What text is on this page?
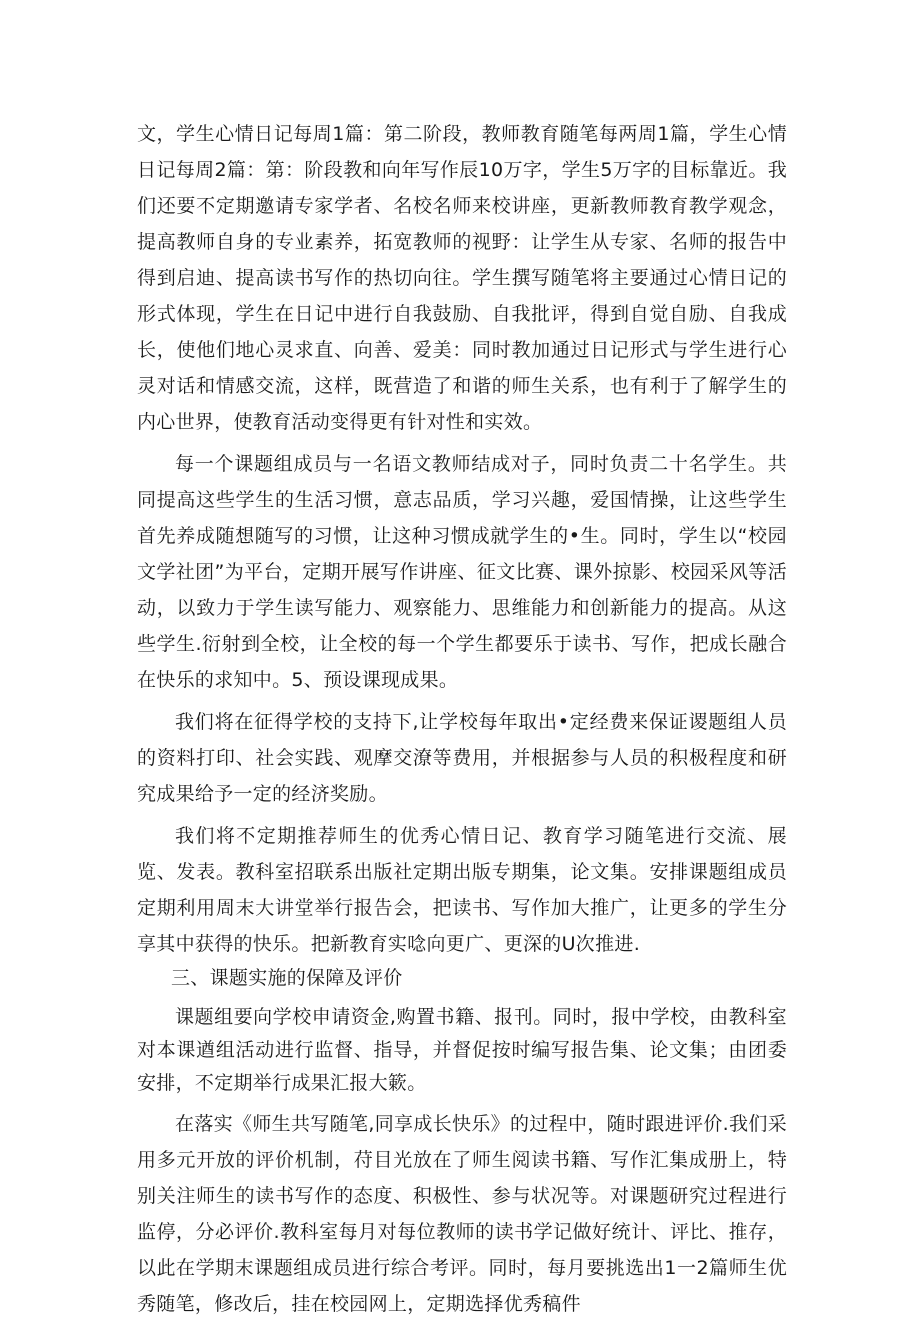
文，学生心情日记每周1篇：第二阶段，教师教育随笔每两周1篇，学生心情日记每周2篇：第：阶段教和向年写作辰10万字，学生5万字的目标靠近。我们还要不定期邀请专家学者、名校名师来校讲座，更新教师教育教学观念，提高教师自身的专业素养，拓宽教师的视野：让学生从专家、名师的报告中得到启迪、提高读书写作的热切向往。学生撰写随笔将主要通过心情日记的形式体现，学生在日记中进行自我鼓励、自我批评，得到自觉自励、自我成长，使他们地心灵求直、向善、爱美：同时教加通过日记形式与学生进行心灵对话和情感交流，这样，既营造了和谐的师生关系，也有利于了解学生的内心世界，使教育活动变得更有针对性和实效。

每一个课题组成员与一名语文教师结成对子，同时负责二十名学生。共同提高这些学生的生活习惯，意志品质，学习兴趣，爱国情操，让这些学生首先养成随想随写的习惯，让这种习惯成就学生的•生。同时，学生以“校园文学社团”为平台，定期开展写作讲座、征文比赛、课外掠影、校园采风等活动，以致力于学生读写能力、观察能力、思维能力和创新能力的提高。从这些学生.衍射到全校，让全校的每一个学生都要乐于读书、写作，把成长融合在快乐的求知中。5、预设课现成果。

我们将在征得学校的支持下,让学校每年取出•定经费来保证谡题组人员的资料打印、社会实践、观摩交潦等费用，并根据参与人员的积极程度和研究成果给予一定的经济奖励。

我们将不定期推荐师生的优秀心情日记、教育学习随笔进行交流、展览、发表。教科室招联系出版社定期出版专期集，论文集。安排课题组成员定期利用周末大讲堂举行报告会，把读书、写作加大推广，让更多的学生分享其中获得的快乐。把新教育实唸向更广、更深的U次推进.

三、课题实施的保障及评价

课题组要向学校申请资金,购置书籍、报刊。同时，报中学校，由教科室对本课遒组活动进行监督、指导，并督促按时编写报告集、论文集；由团委安排，不定期举行成果汇报大簌。

在落实《师生共写随笔,同享成长快乐》的过程中，随时跟进评价.我们采用多元开放的评价机制，苻目光放在了师生阅读书籍、写作汇集成册上，特别关注师生的读书写作的态度、积极性、参与状况等。对课题研究过程进行监停，分必评价.教科室每月对每位教师的读书学记做好统计、评比、推存，以此在学期末课题组成员进行综合考评。同时，每月要挑选出1一2篇师生优秀随笔，修改后，挂在校园网上，定期选择优秀稿件
